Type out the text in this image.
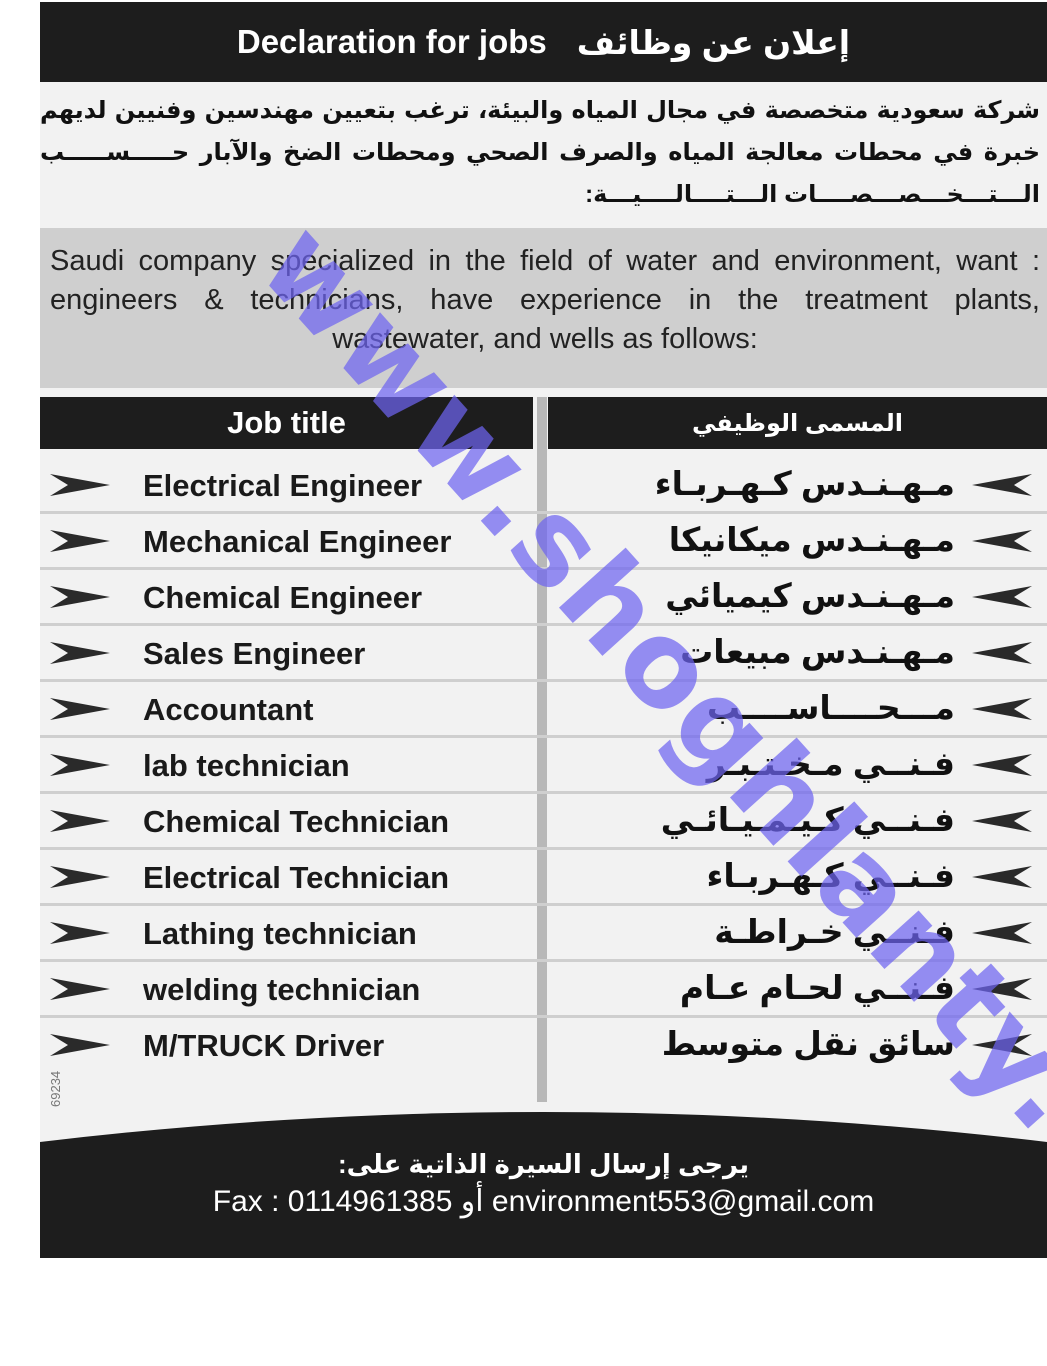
Declaration for jobs إعلان عن وظائف
شركة سعودية متخصصة في مجال المياه والبيئة، ترغب بتعيين مهندسين وفنيين لديهم خبرة في محطات معالجة المياه والصرف الصحي ومحطات الضخ والآبار حـــــســـــب الـــتـــخـــصـــصــــات الـــتــــالــــيـــة:
Saudi company specialized in the field of water and environment, want : engineers & technicians, have experience in the treatment plants, wastewater, and wells as follows:
Job title	المسمى الوظيفي
Electrical Engineer	مـهـنـدس كـهـربـاء
Mechanical Engineer	مـهـنـدس ميكانيكا
Chemical Engineer	مـهـنـدس كيميائي
Sales Engineer	مـهـنـدس مبيعات
Accountant	مـــحــــاســــب
lab technician	فـنــي مـخـتـبـر
Chemical Technician	فـنــي كـيـمـيـائـي
Electrical Technician	فـنــي كـهـربـاء
Lathing technician	فـنــي خـراطـة
welding technician	فـنــي لحـام عـام
M/TRUCK Driver	سائق نقل متوسط
69234
يرجى إرسال السيرة الذاتية على:
Fax : 0114961385 أو environment553@gmail.com
